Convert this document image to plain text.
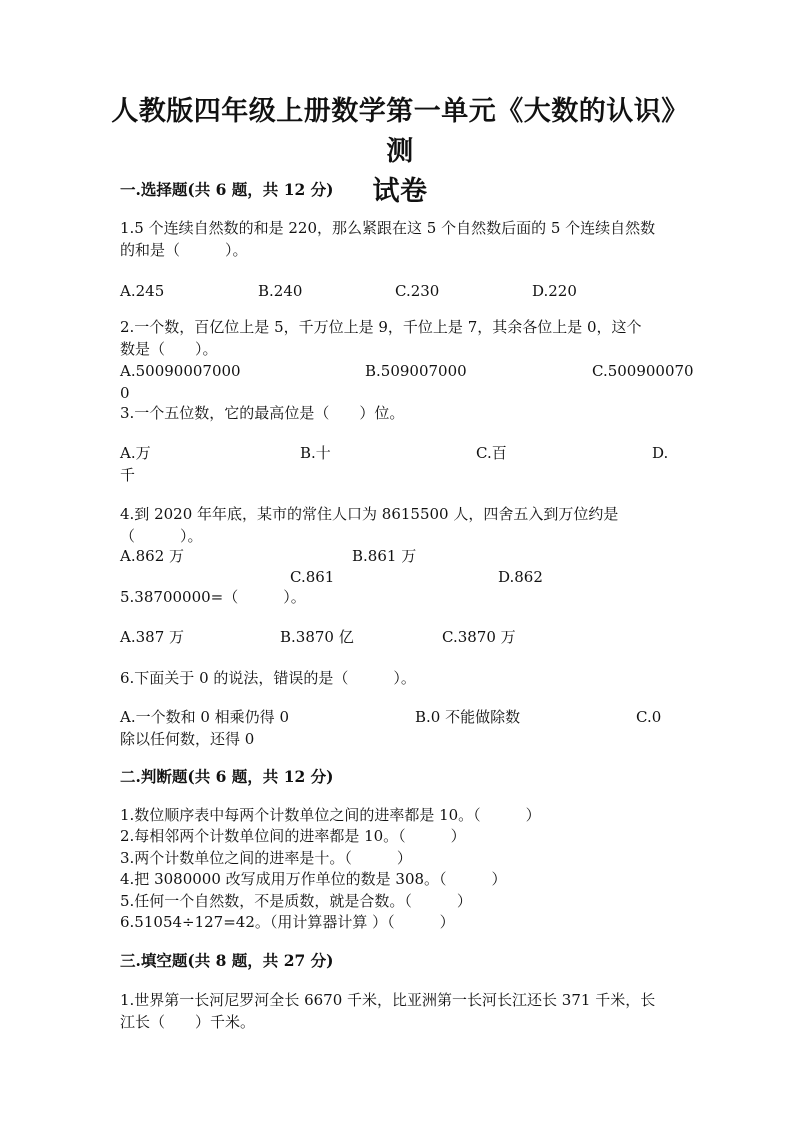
人教版四年级上册数学第一单元《大数的认识》测
试卷
一.选择题(共 6 题，共 12 分)
1.5 个连续自然数的和是 220，那么紧跟在这 5 个自然数后面的 5 个连续自然数
的和是（　　　）。
A.245	B.240	C.230	D.220
2.一个数，百亿位上是 5，千万位上是 9，千位上是 7，其余各位上是 0，这个
数是（　　）。
A.50090007000	B.509007000	C.500900070
0
3.一个五位数，它的最高位是（　　）位。
A.万	B.十	C.百	D.
千
4.到 2020 年年底，某市的常住人口为 8615500 人，四舍五入到万位约是
（　　　）。
A.862 万	B.861 万
C.861	D.862
5.38700000=（　　　）。
A.387 万	B.3870 亿	C.3870 万
6.下面关于 0 的说法，错误的是（　　　）。
A.一个数和 0 相乘仍得 0	B.0 不能做除数	C.0
除以任何数，还得 0
二.判断题(共 6 题，共 12 分)
1.数位顺序表中每两个计数单位之间的进率都是 10。（　　　）
2.每相邻两个计数单位间的进率都是 10。（　　　）
3.两个计数单位之间的进率是十。（　　　）
4.把 3080000 改写成用万作单位的数是 308。（　　　）
5.任何一个自然数，不是质数，就是合数。（　　　）
6.51054÷127=42。（用计算器计算 ）（　　　）
三.填空题(共 8 题，共 27 分)
1.世界第一长河尼罗河全长 6670 千米，比亚洲第一长河长江还长 371 千米，长
江长（　　）千米。
